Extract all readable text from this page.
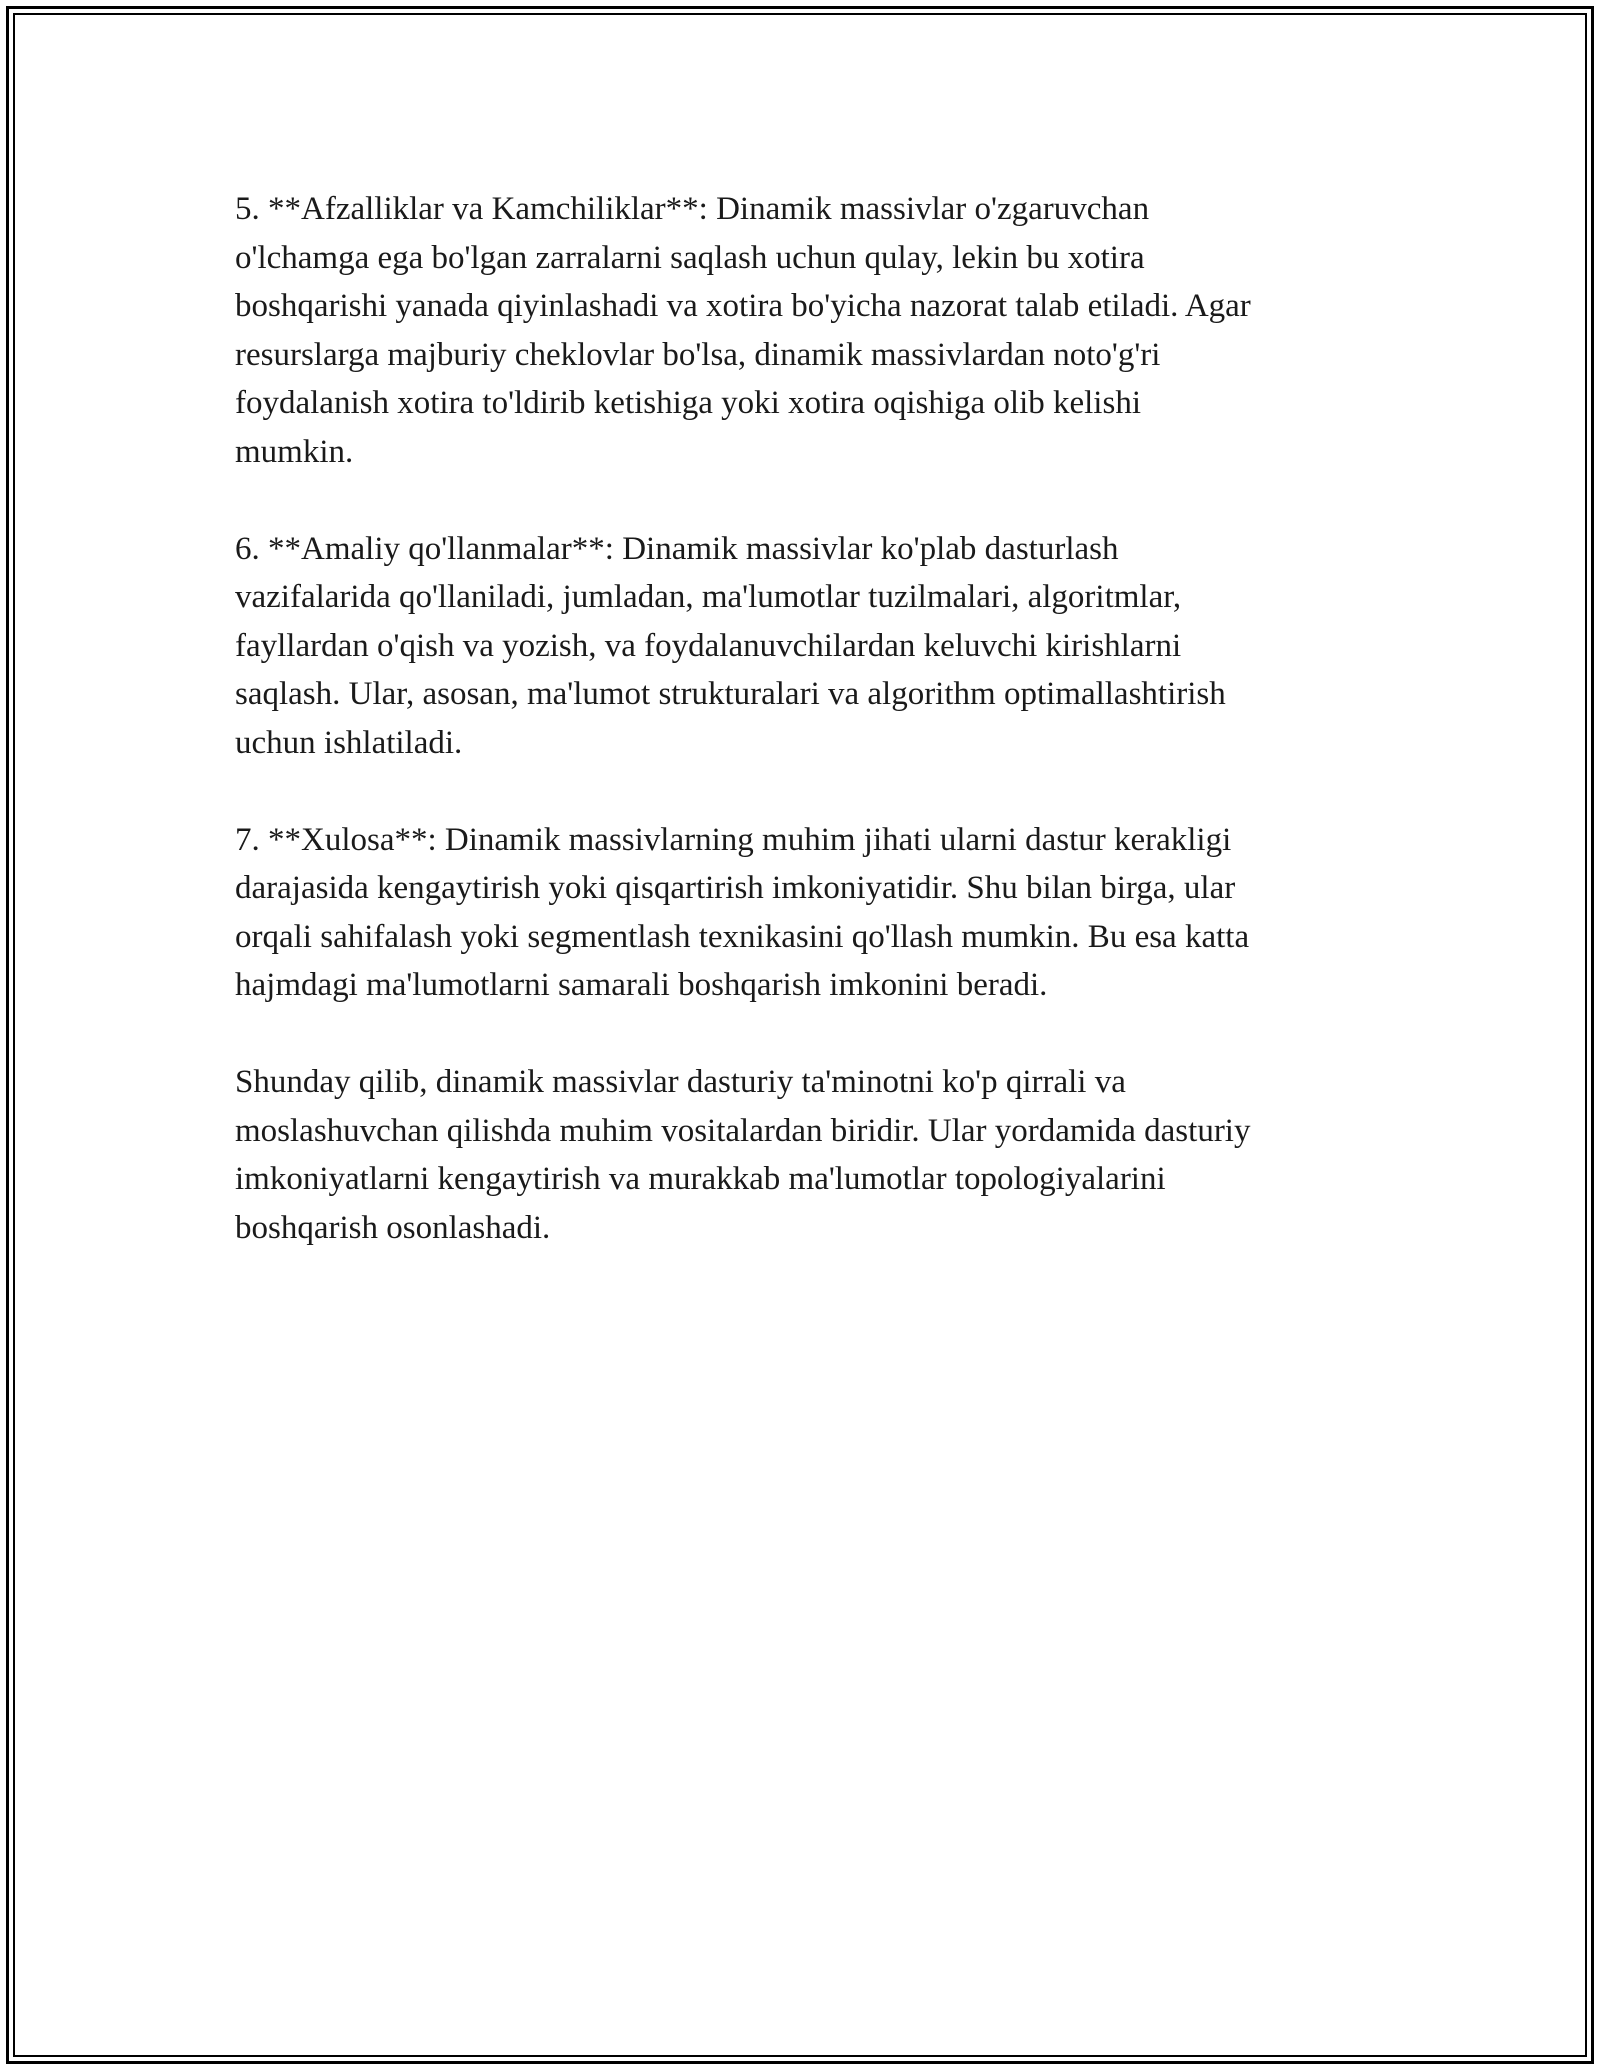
5. **Afzalliklar va Kamchiliklar**: Dinamik massivlar o'zgaruvchan
o'lchamga ega bo'lgan zarralarni saqlash uchun qulay, lekin bu xotira
boshqarishi yanada qiyinlashadi va xotira bo'yicha nazorat talab etiladi. Agar
resurslarga majburiy cheklovlar bo'lsa, dinamik massivlardan noto'g'ri
foydalanish xotira to'ldirib ketishiga yoki xotira oqishiga olib kelishi
mumkin.

6. **Amaliy qo'llanmalar**: Dinamik massivlar ko'plab dasturlash
vazifalarida qo'llaniladi, jumladan, ma'lumotlar tuzilmalari, algoritmlar,
fayllardan o'qish va yozish, va foydalanuvchilardan keluvchi kirishlarni
saqlash. Ular, asosan, ma'lumot strukturalari va algorithm optimallashtirish
uchun ishlatiladi.

7. **Xulosa**: Dinamik massivlarning muhim jihati ularni dastur kerakligi
darajasida kengaytirish yoki qisqartirish imkoniyatidir. Shu bilan birga, ular
orqali sahifalash yoki segmentlash texnikasini qo'llash mumkin. Bu esa katta
hajmdagi ma'lumotlarni samarali boshqarish imkonini beradi.

Shunday qilib, dinamik massivlar dasturiy ta'minotni ko'p qirrali va
moslashuvchan qilishda muhim vositalardan biridir. Ular yordamida dasturiy
imkoniyatlarni kengaytirish va murakkab ma'lumotlar topologiyalarini
boshqarish osonlashadi.
